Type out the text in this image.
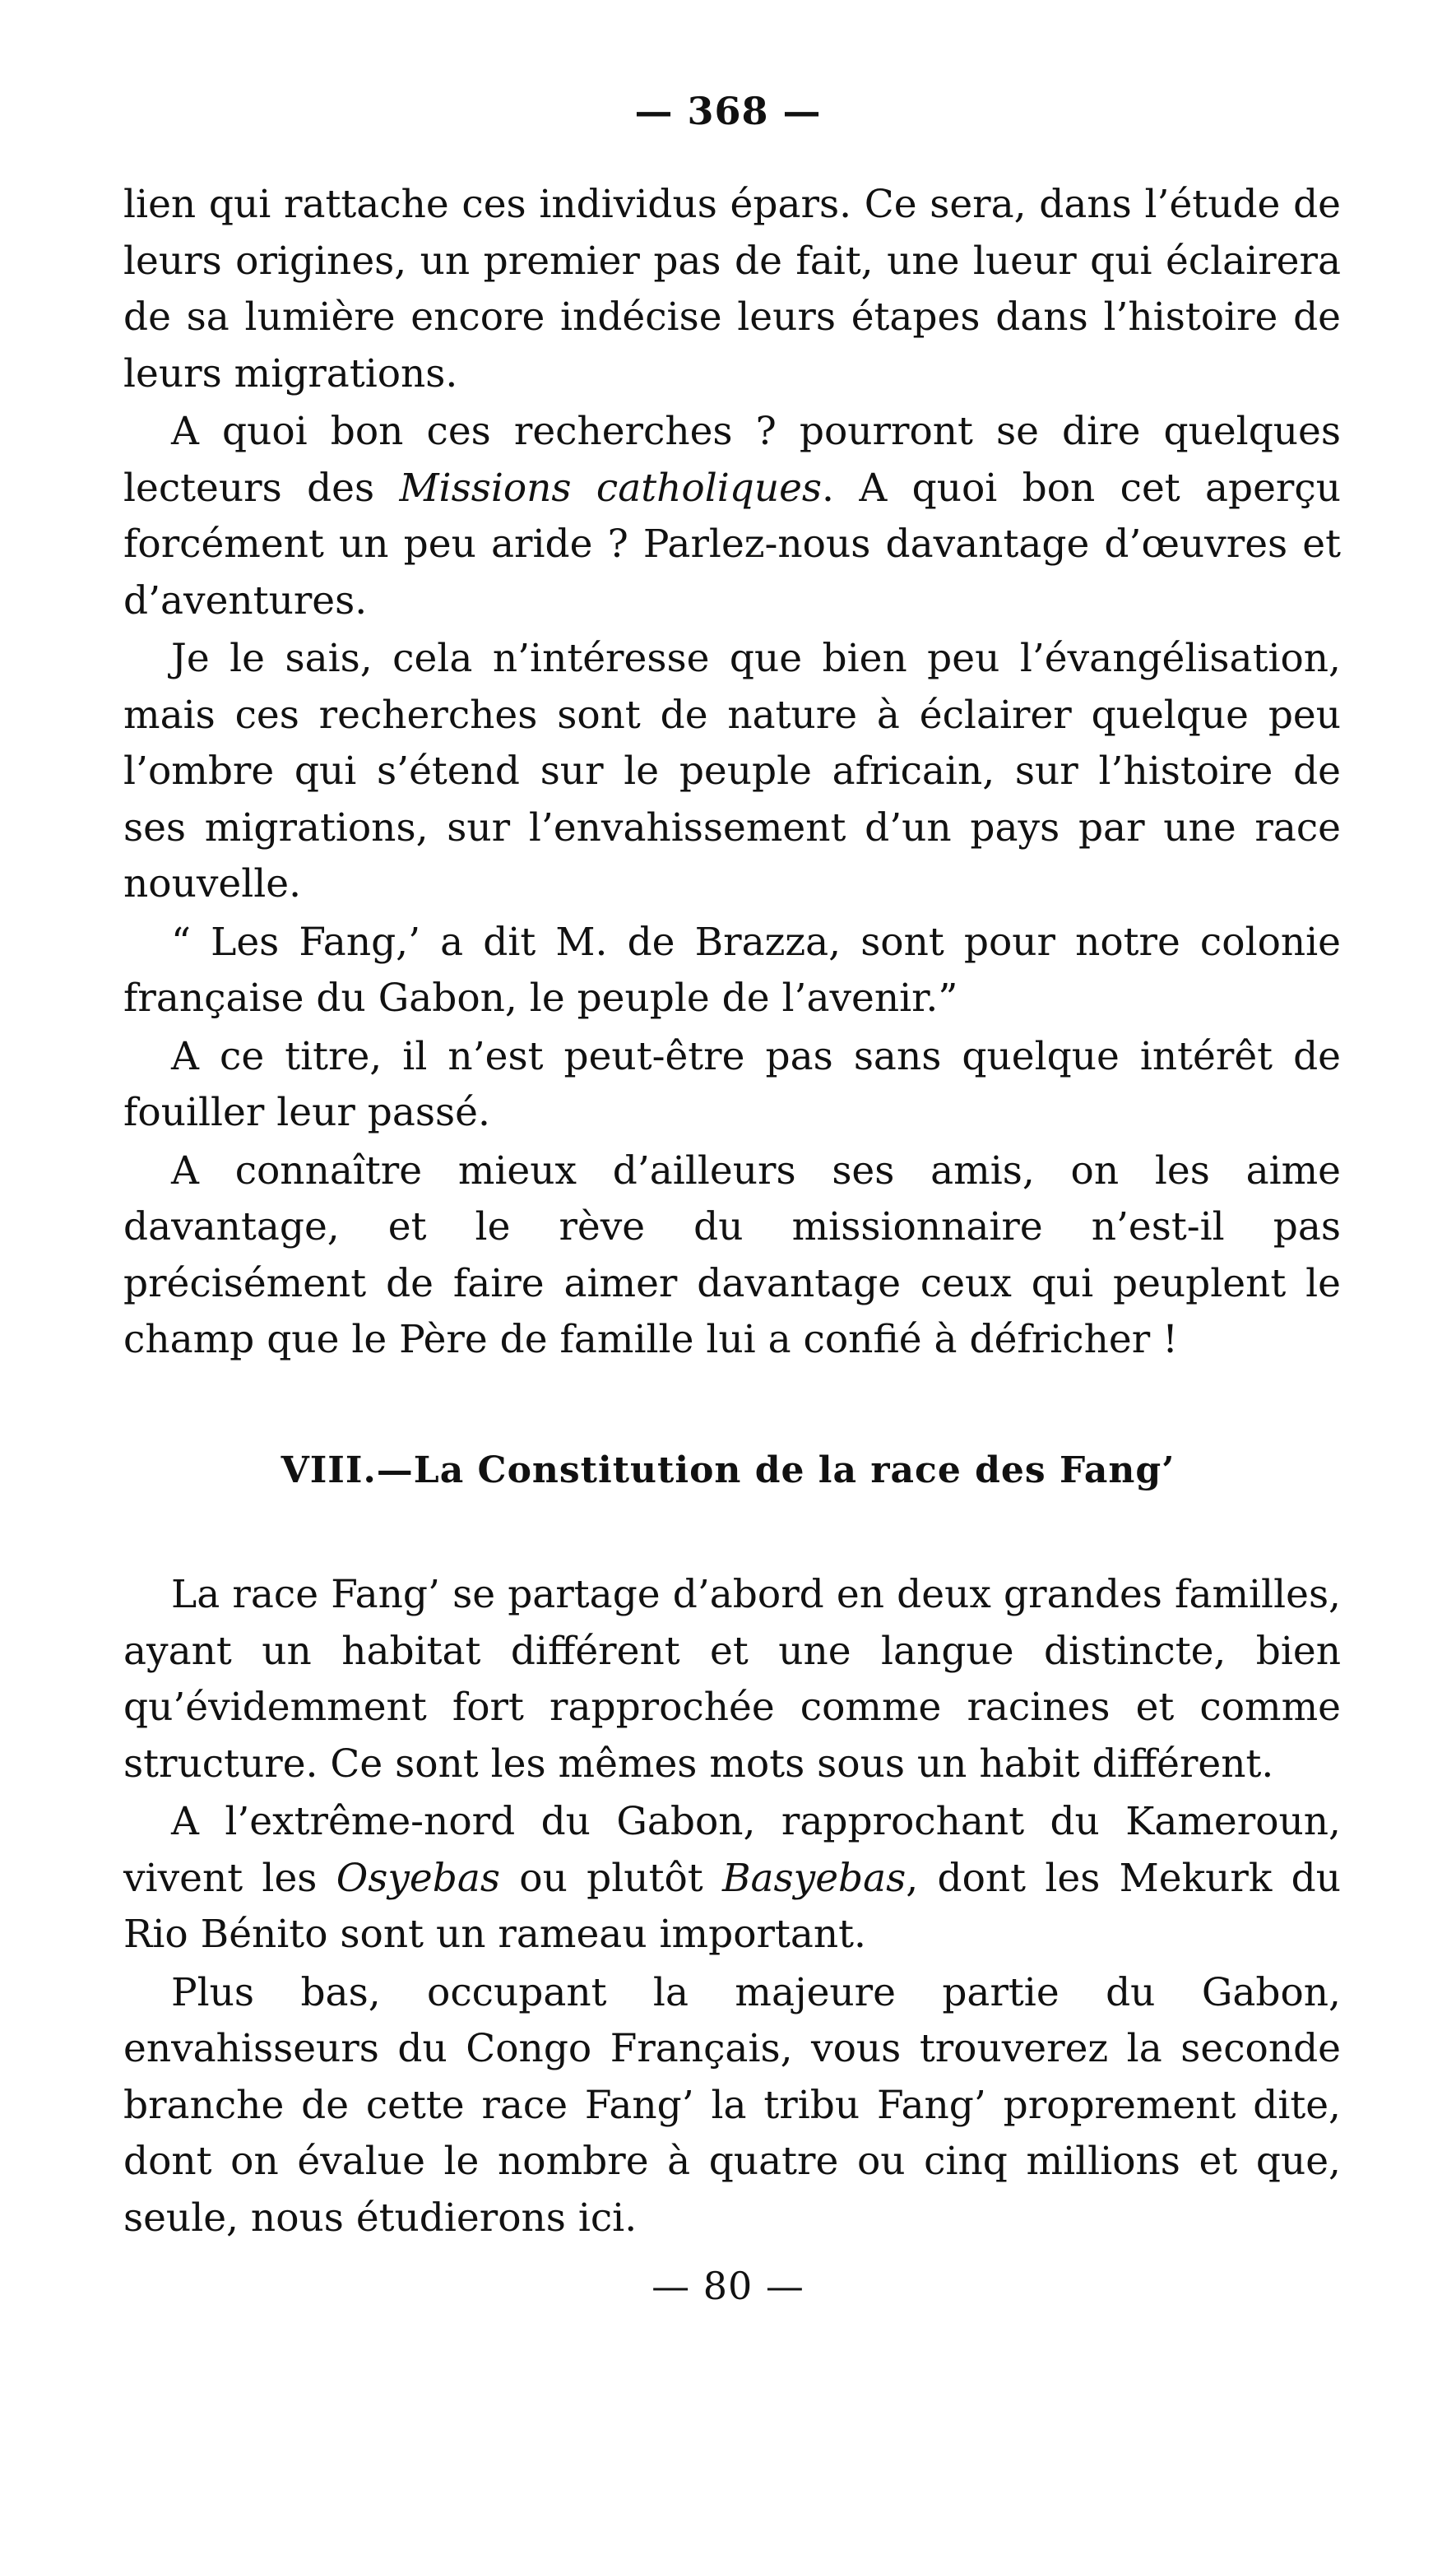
— 368 —

lien qui rattache ces individus épars. Ce sera, dans l’étude de leurs origines, un premier pas de fait, une lueur qui éclairera de sa lumière encore indécise leurs étapes dans l’histoire de leurs migrations.

A quoi bon ces recherches ? pourront se dire quelques lecteurs des Missions catholiques. A quoi bon cet aperçu forcément un peu aride ? Parlez-nous davantage d’œuvres et d’aventures.

Je le sais, cela n’intéresse que bien peu l’évangélisation, mais ces recherches sont de nature à éclairer quelque peu l’ombre qui s’étend sur le peuple africain, sur l’histoire de ses migrations, sur l’envahissement d’un pays par une race nouvelle.

“ Les Fang,’ a dit M. de Brazza, sont pour notre colonie française du Gabon, le peuple de l’avenir.”

A ce titre, il n’est peut-être pas sans quelque intérêt de fouiller leur passé.

A connaître mieux d’ailleurs ses amis, on les aime davantage, et le rève du missionnaire n’est-il pas précisément de faire aimer davantage ceux qui peuplent le champ que le Père de famille lui a confié à défricher !

VIII.—La Constitution de la race des Fang’

La race Fang’ se partage d’abord en deux grandes familles, ayant un habitat différent et une langue distincte, bien qu’évidemment fort rapprochée comme racines et comme structure. Ce sont les mêmes mots sous un habit différent.

A l’extrême-nord du Gabon, rapprochant du Kameroun, vivent les Osyebas ou plutôt Basyebas, dont les Mekurk du Rio Bénito sont un rameau important.

Plus bas, occupant la majeure partie du Gabon, envahisseurs du Congo Français, vous trouverez la seconde branche de cette race Fang’ la tribu Fang’ proprement dite, dont on évalue le nombre à quatre ou cinq millions et que, seule, nous étudierons ici.

— 80 —
